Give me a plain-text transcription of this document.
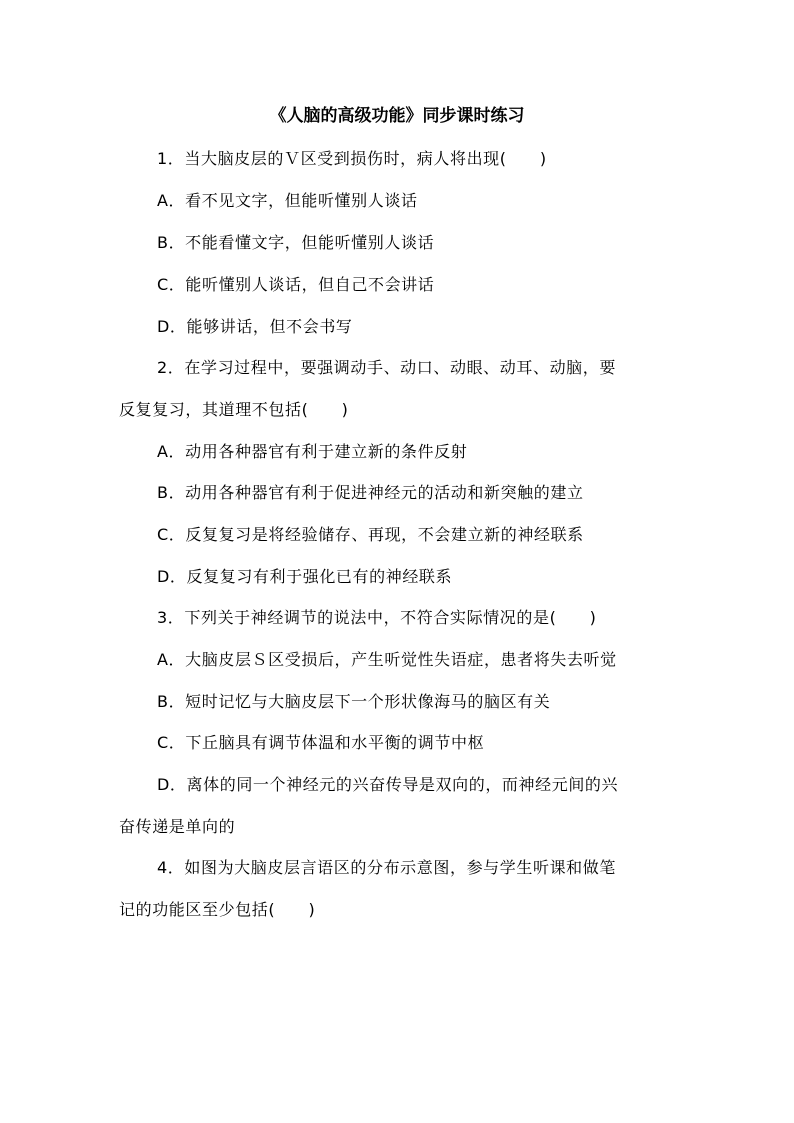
《人脑的高级功能》同步课时练习
1．当大脑皮层的Ｖ区受到损伤时，病人将出现(　　)
A．看不见文字，但能听懂别人谈话
B．不能看懂文字，但能听懂别人谈话
C．能听懂别人谈话，但自己不会讲话
D．能够讲话，但不会书写
2．在学习过程中，要强调动手、动口、动眼、动耳、动脑，要
反复复习，其道理不包括(　　)
A．动用各种器官有利于建立新的条件反射
B．动用各种器官有利于促进神经元的活动和新突触的建立
C．反复复习是将经验储存、再现，不会建立新的神经联系
D．反复复习有利于强化已有的神经联系
3．下列关于神经调节的说法中，不符合实际情况的是(　　)
A．大脑皮层Ｓ区受损后，产生听觉性失语症，患者将失去听觉
B．短时记忆与大脑皮层下一个形状像海马的脑区有关
C．下丘脑具有调节体温和水平衡的调节中枢
D．离体的同一个神经元的兴奋传导是双向的，而神经元间的兴
奋传递是单向的
4．如图为大脑皮层言语区的分布示意图，参与学生听课和做笔
记的功能区至少包括(　　)
